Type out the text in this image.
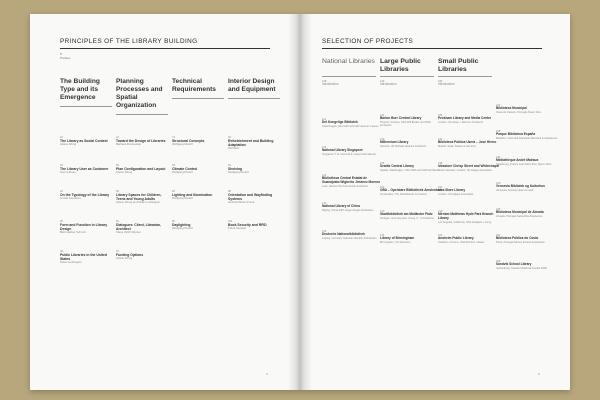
PRINCIPLES OF THE LIBRARY BUILDING
8
Preface
The Building Type and its Emergence
10
The Library as Social Context
Liliane Wong
18
The Library User as Customer
Norma Rose
22
On the Typology of the Library
Ursula Krueckert
30
Form and Function in Library Design
Beth Hacker Schmitt
36
Public Libraries in the United States
Nolan Lushington
Planning Processes and Spatial Organization
44
Toward the Design of Libraries
Barbara Zinsmeister
50
Plan Configuration and Layout
Liliane Wong
56
Library Spaces for Children, Teens and Young Adults
Liliane Wong and Nolan Lushington
64
Dialogues: Client, Librarian, Architect
Klaus Ulrich Werner
70
Funding Options
Liliane Wong
Technical Requirements
74
Structural Concepts
Wolfgang Rudolf
78
Climate Control
Wolfgang Rudolf
82
Lighting and Illumination
Wolfgang Rudolf
86
Daylighting
Wolfgang Rudolf
Interior Design and Equipment
90
Refurbishment and Building Adaptation
Wolf Eck
94
Shelving
Wolfgang Rudolf
98
Orientation and Wayfinding Systems
Gerhard Meier-Puma
104
Book Security and RFID
Frank Seeliger
4
SELECTION OF PROJECTS
National Libraries
108
Introduction
112
Det Kongelige Bibliotek
Copenhagen, Denmark Schmidt Hammer Lassen
118
National Library Singapore
Singapore T. R. Hamzah & Yeang International
124
Bibliotheca Central Estatal de Guanajuato Wigberto Jiménez Moreno
León, Mexico Pei Partnership Architects
130
National Library of China
Beijing, China KSP Jürgen Engel Architekten
136
Deutsche Nationalbibliothek
Leipzig, Germany Gabriele Glöckler Architekten
Large Public Libraries
140
Introduction
144
Barton Burr Central Library
Phoenix, Arizona, USA Will Bruder and DWL Architects
150
Millennium Library
Norwich, UK Michael Hopkins Architects
156
Seattle Central Library
Seattle, Washington, USA OMA and LMN Architects
162
OBA – Openbare Bibliotheek Amsterdam
Amsterdam, The Netherlands Jo Coenen
170
Stadtbibliothek am Mailänder Platz
Stuttgart, Germany Eun Young Yi, Yi Architects
176
Library of Birmingham
Birmingham, UK Mecanoo
Small Public Libraries
182
Introduction
186
Peckham Library and Media Centre
London, UK Alsop + Störmer Architects
192
Biblioteca Pública Usera – José Hierro
Madrid, Spain Ábalos & Herreros
198
Ideastore Chrisp Street and Whitechapel
Tower Hamlets, London, UK Adjaye Associates
204
Idea Store Library
London, UK Adjaye Associates
210
Mirriam Matthews Hyde Park Branch Library
Los Angeles, California, USA Hodgetts + Fung
216
Anaheim Public Library
Anaheim, Arizona, USA Richard + Bauer
222
Biblioteca Municipal
Viana do Castelo, Portugal Álvaro Siza
228
Parque Biblioteca España
Medellín, Colombia Giancarlo Mazzanti & Arquitectos
234
Médiathèque André Malraux
Strasbourg, France Jean Marc Ibos, Myrto Vitart
240
Vennesla Bibliotek og Kulturhus
Vennesla, Norway Helen & Hard
246
Biblioteca Municipal de Almada
Almada, Portugal Santa-Rita Arquitectos
252
Biblioteca Pública do Couto
Porto, Portugal Santos Pereira Arquitectos
258
Sandvik School Library
Gothenburg, Sweden Dalsbruk Fredrik Wåhl
5
